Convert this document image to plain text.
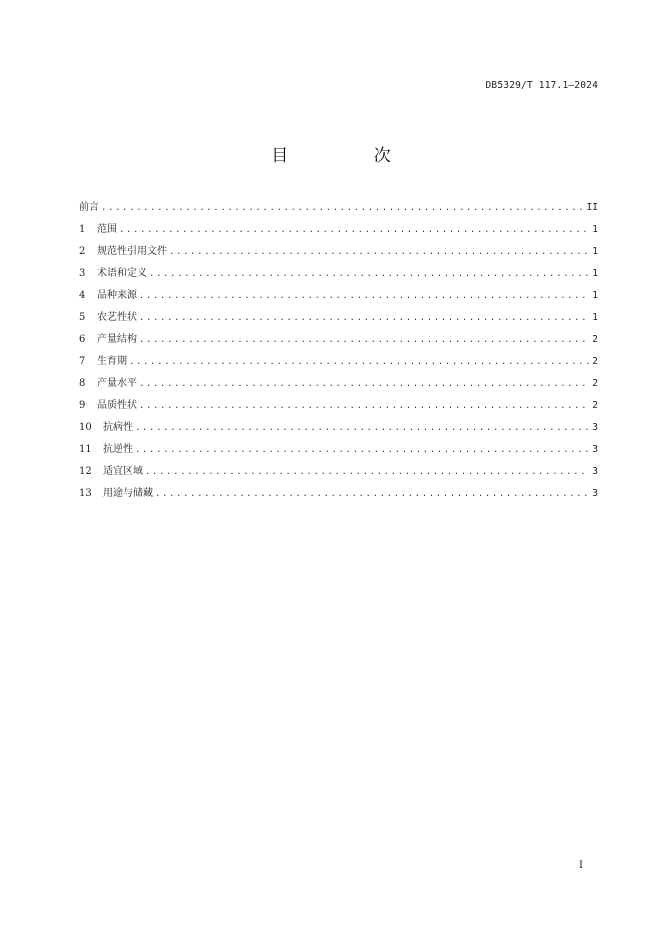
DB5329/T 117.1—2024
目 次
前言 .....	II
1	范围 .....	1
2	规范性引用文件 .....	1
3	术语和定义 .....	1
4	品种来源 .....	1
5	农艺性状 .....	1
6	产量结构 .....	2
7	生育期 .....	2
8	产量水平 .....	2
9	品质性状 .....	2
10	抗病性 .....	3
11	抗逆性 .....	3
12	适宜区域 .....	3
13	用途与储藏 .....	3
I
